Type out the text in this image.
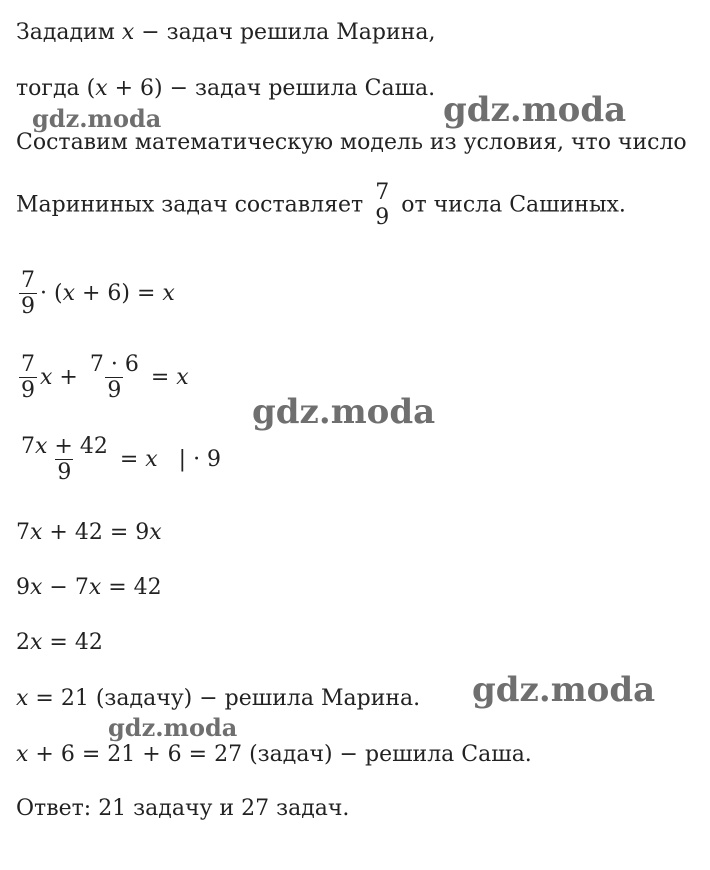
Зададим x − задач решила Марина,
тогда (x + 6) − задач решила Саша.
Составим математическую модель из условия, что число
Марининых задач составляет 7
9
от числа Сашиных.
$\frac{7}{9} \cdot (x + 6) = x$
$\frac{7}{9}$ $x + \frac{7 \cdot 6}{9} = x$
$\frac{7x + 42}{9} = x$   | · 9
7x + 42 = 9x
9x − 7x = 42
2x = 42
x = 21 (задачу) − решила Марина.
x + 6 = 21 + 6 = 27 (задач) − решила Саша.
Ответ: 21 задачу и 27 задач.
gdz.moda
gdz.moda
gdz.moda
gdz.moda
gdz.moda
